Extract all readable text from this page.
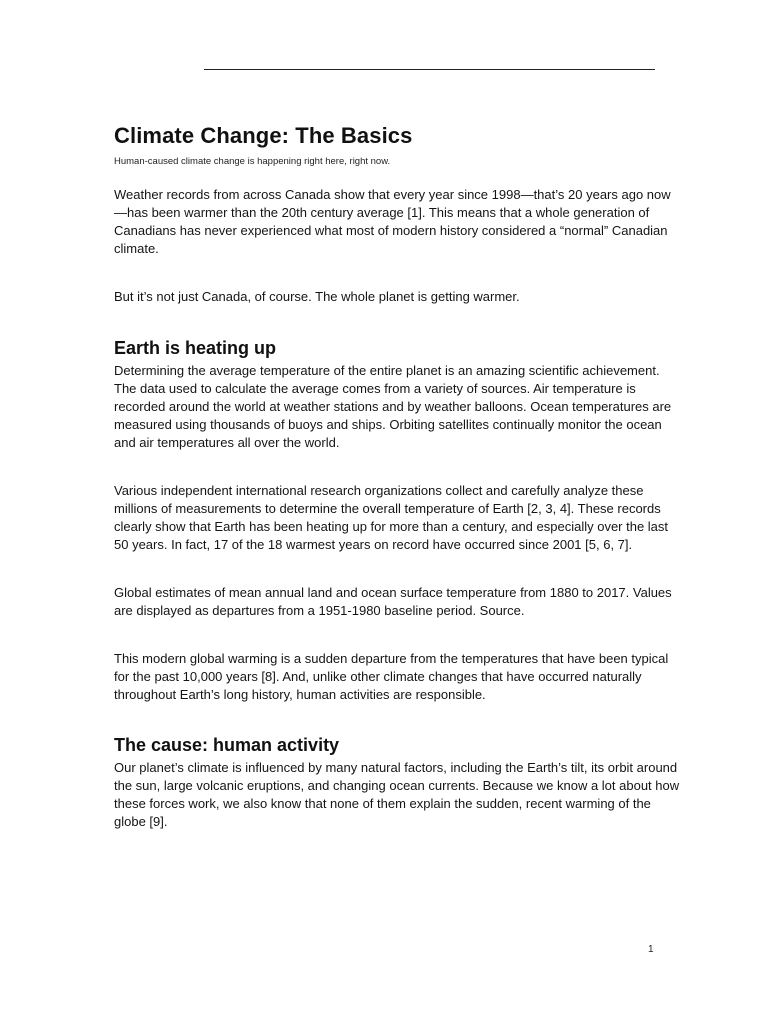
Climate Change: The Basics

Human-caused climate change is happening right here, right now.

Weather records from across Canada show that every year since 1998—that’s 20 years ago now—has been warmer than the 20th century average [1]. This means that a whole generation of Canadians has never experienced what most of modern history considered a “normal” Canadian climate.

But it’s not just Canada, of course. The whole planet is getting warmer.

Earth is heating up

Determining the average temperature of the entire planet is an amazing scientific achievement. The data used to calculate the average comes from a variety of sources. Air temperature is recorded around the world at weather stations and by weather balloons. Ocean temperatures are measured using thousands of buoys and ships. Orbiting satellites continually monitor the ocean and air temperatures all over the world.

Various independent international research organizations collect and carefully analyze these millions of measurements to determine the overall temperature of Earth [2, 3, 4]. These records clearly show that Earth has been heating up for more than a century, and especially over the last 50 years. In fact, 17 of the 18 warmest years on record have occurred since 2001 [5, 6, 7].

Global estimates of mean annual land and ocean surface temperature from 1880 to 2017. Values are displayed as departures from a 1951-1980 baseline period. Source.

This modern global warming is a sudden departure from the temperatures that have been typical for the past 10,000 years [8]. And, unlike other climate changes that have occurred naturally throughout Earth’s long history, human activities are responsible.

The cause: human activity

Our planet’s climate is influenced by many natural factors, including the Earth’s tilt, its orbit around the sun, large volcanic eruptions, and changing ocean currents. Because we know a lot about how these forces work, we also know that none of them explain the sudden, recent warming of the globe [9].

1
